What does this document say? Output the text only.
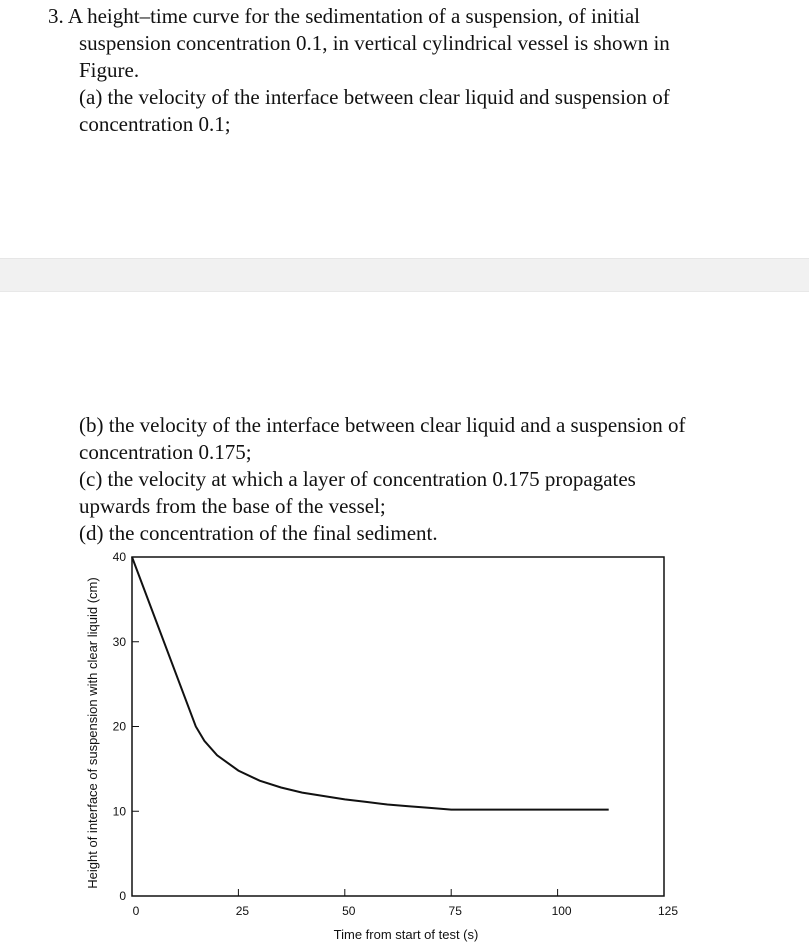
3. A height–time curve for the sedimentation of a suspension, of initial
suspension concentration 0.1, in vertical cylindrical vessel is shown in
Figure.
(a) the velocity of the interface between clear liquid and suspension of
concentration 0.1;
(b) the velocity of the interface between clear liquid and a suspension of
concentration 0.175;
(c) the velocity at which a layer of concentration 0.175 propagates
upwards from the base of the vessel;
(d) the concentration of the final sediment.
0
10
20
30
40
0	25	50	75	100	125
Time from start of test (s)
Height of interface of suspension with clear liquid (cm)
